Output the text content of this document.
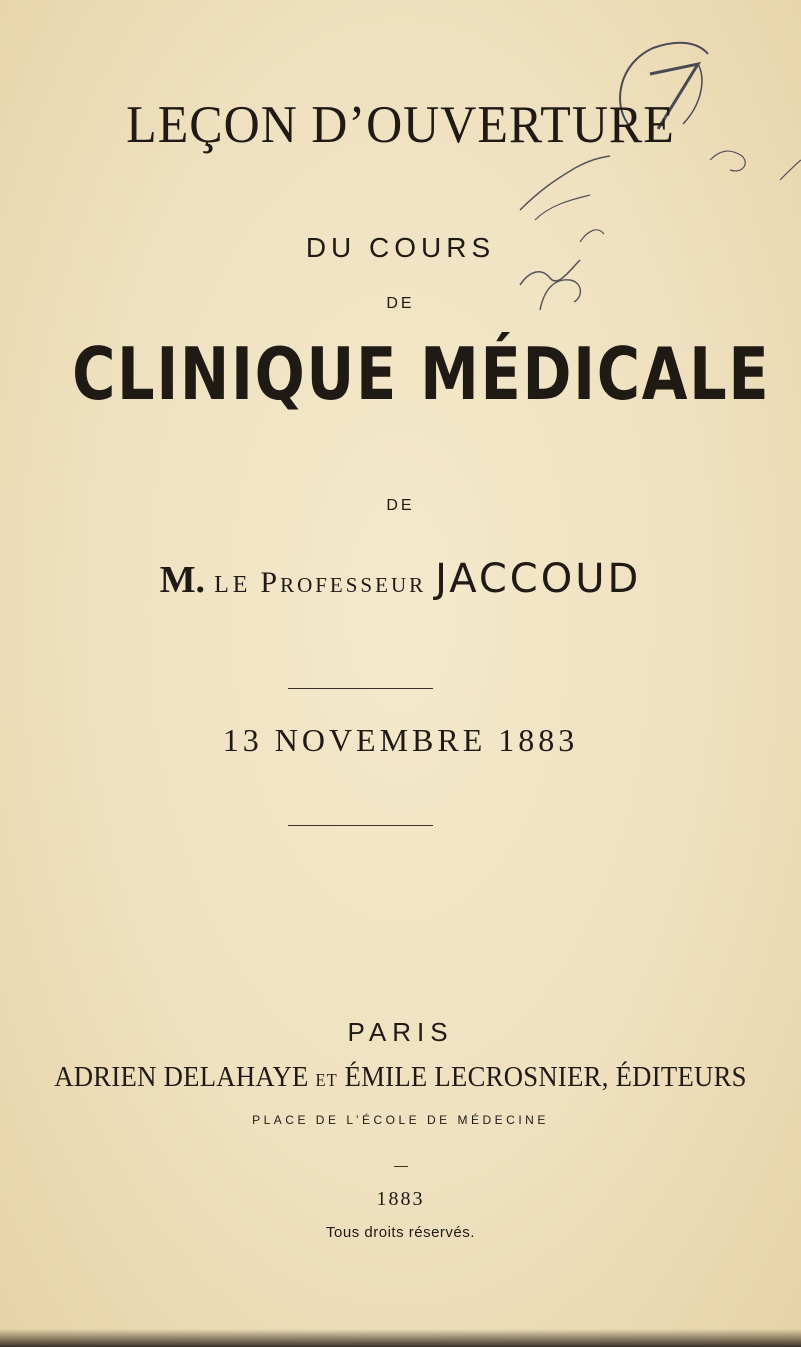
LEÇON D’OUVERTURE
DU COURS
DE
CLINIQUE MÉDICALE
DE
M. LE Professeur JACCOUD
13 NOVEMBRE 1883
PARIS
ADRIEN DELAHAYE ET ÉMILE LECROSNIER, ÉDITEURS
PLACE DE L’ÉCOLE DE MÉDECINE
1883
Tous droits réservés.
